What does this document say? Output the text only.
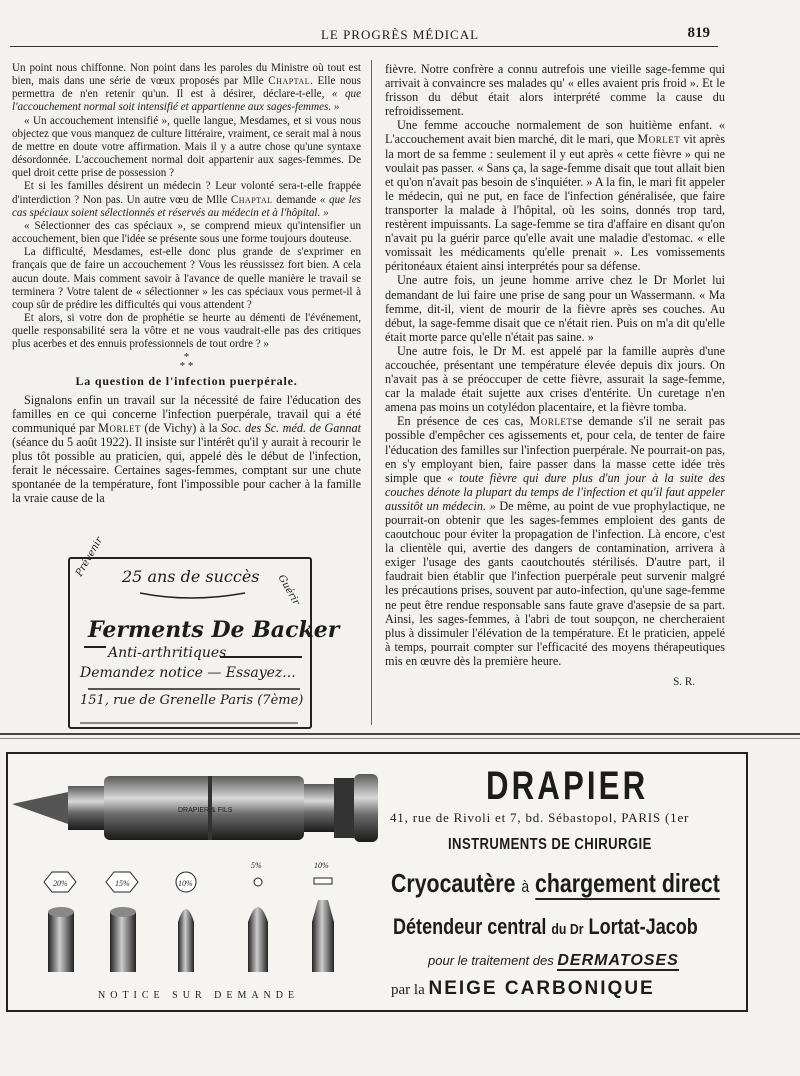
LE PROGRÈS MÉDICAL	819

Un point nous chiffonne. Non point dans les paroles du Ministre où tout est bien, mais dans une série de vœux proposés par Mlle Chaptal. Elle nous permettra de n'en retenir qu'un. Il est à désirer, déclare-t-elle, « que l'accouchement normal soit intensifié et appartienne aux sages-femmes. »

« Un accouchement intensifié », quelle langue, Mesdames, et si vous nous objectez que vous manquez de culture littéraire, vraiment, ce serait mal à nous de mettre en doute votre affirmation. Mais il y a autre chose qu'une syntaxe désordonnée. L'accouchement normal doit appartenir aux sages-femmes. De quel droit cette prise de possession ?

Et si les familles désirent un médecin ? Leur volonté sera-t-elle frappée d'interdiction ? Non pas. Un autre vœu de Mlle Chaptal demande « que les cas spéciaux soient sélectionnés et réservés au médecin et à l'hôpital. »

« Sélectionner des cas spéciaux », se comprend mieux qu'intensifier un accouchement, bien que l'idée se présente sous une forme toujours douteuse.

La difficulté, Mesdames, est-elle donc plus grande de s'exprimer en français que de faire un accouchement ? Vous les réussissez fort bien. A cela aucun doute. Mais comment savoir à l'avance de quelle manière le travail se terminera ? Votre talent de « sélectionner » les cas spéciaux vous permet-il à coup sûr de prédire les difficultés qui vous attendent ?

Et alors, si votre don de prophétie se heurte au démenti de l'événement, quelle responsabilité sera la vôtre et ne vous vaudrait-elle pas des critiques plus acerbes et des ennuis professionnels de tout ordre ? »

*
* *
La question de l'infection puerpérale.

Signalons enfin un travail sur la nécessité de faire l'éducation des familles en ce qui concerne l'infection puerpérale, travail qui a été communiqué par Morlet (de Vichy) à la Soc. des Sc. méd. de Gannat (séance du 5 août 1922). Il insiste sur l'intérêt qu'il y aurait à recourir le plus tôt possible au praticien, qui, appelé dès le début de l'infection, ferait le nécessaire. Certaines sages-femmes, comptant sur une chute spontanée de la température, font l'impossible pour cacher à la famille la vraie cause de la

fièvre. Notre confrère a connu autrefois une vieille sage-femme qui arrivait à convaincre ses malades qu' « elles avaient pris froid ». Et le frisson du début était alors interprété comme la cause du refroidissement.

Une femme accouche normalement de son huitième enfant. « L'accouchement avait bien marché, dit le mari, que Morlet vit après la mort de sa femme : seulement il y eut après « cette fièvre » qui ne voulait pas passer. « Sans ça, la sage-femme disait que tout allait bien et qu'on n'avait pas besoin de s'inquiéter. » A la fin, le mari fit appeler le médecin, qui ne put, en face de l'infection généralisée, que faire transporter la malade à l'hôpital, où les soins, donnés trop tard, restèrent impuissants. La sage-femme se tira d'affaire en disant qu'on n'avait pu la guérir parce qu'elle avait une maladie d'estomac. « elle vomissait les médicaments qu'elle prenait ». Les vomissements péritonéaux étaient ainsi interprétés pour sa défense.

Une autre fois, un jeune homme arrive chez le Dr Morlet lui demandant de lui faire une prise de sang pour un Wassermann. « Ma femme, dit-il, vient de mourir de la fièvre après ses couches. Au début, la sage-femme disait que ce n'était rien. Puis on m'a dit qu'elle était morte parce qu'elle n'était pas saine. »

Une autre fois, le Dr M. est appelé par la famille auprès d'une accouchée, présentant une température élevée depuis dix jours. On n'avait pas à se préoccuper de cette fièvre, assurait la sage-femme, car la malade était sujette aux crises d'entérite. Un curetage n'en amena pas moins un cotylédon placentaire, et la fièvre tomba.

En présence de ces cas, Morletse demande s'il ne serait pas possible d'empêcher ces agissements et, pour cela, de tenter de faire l'éducation des familles sur l'infection puerpérale. Ne pourrait-on pas, en s'y employant bien, faire passer dans la masse cette idée très simple que « toute fièvre qui dure plus d'un jour à la suite des couches dénote la plupart du temps de l'infection et qu'il faut appeler aussitôt un médecin. » De même, au point de vue prophylactique, ne pourrait-on obtenir que les sages-femmes emploient des gants de caoutchouc pour éviter la propagation de l'infection. Là encore, c'est la clientèle qui, avertie des dangers de contamination, arrivera à exiger l'usage des gants caoutchoutés stérilisés. D'autre part, il faudrait bien établir que l'infection puerpérale peut survenir malgré les précautions prises, souvent par auto-infection, qu'une sage-femme ne peut être rendue responsable sans faute grave d'asepsie de sa part. Ainsi, les sages-femmes, à l'abri de tout soupçon, ne chercheraient plus à dissimuler l'élévation de la température. Et le praticien, appelé à temps, pourrait compter sur l'efficacité des moyens thérapeutiques mis en œuvre dès la première heure.

S. R.
Prévenir
Guérir
25 ans de succès
Ferments De Backer
Anti-arthritiques
Demandez notice — Essayez...
151, rue de Grenelle Paris (7ème)
DRAPIER & FILS
20%	15%	10%
5%	10%
DRAPIER
41, rue de Rivoli et 7, bd. Sébastopol, PARIS (1er
INSTRUMENTS DE CHIRURGIE
Cryocautère à chargement direct
Détendeur central du Dr Lortat-Jacob
pour le traitement des DERMATOSES
par la NEIGE CARBONIQUE
NOTICE SUR DEMANDE
